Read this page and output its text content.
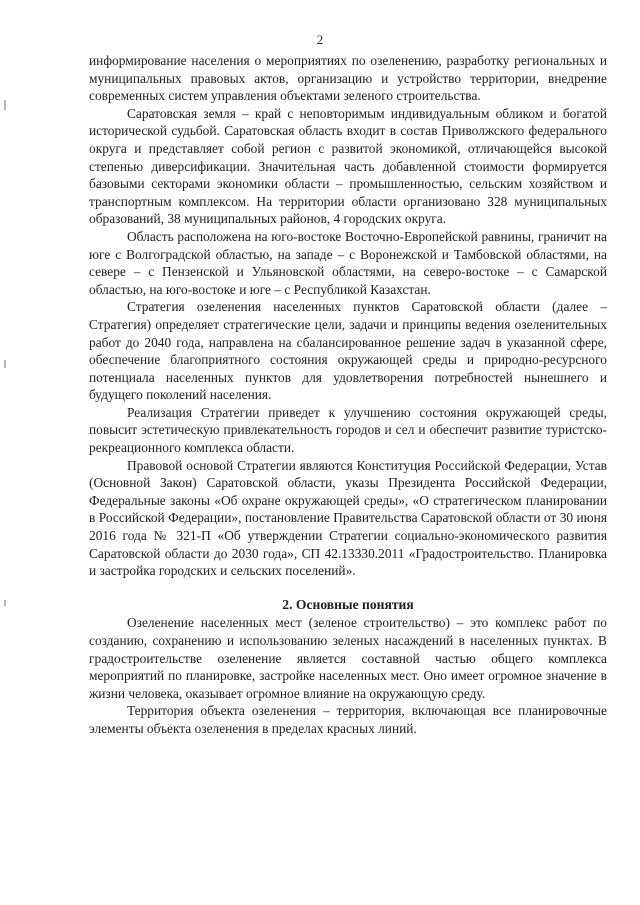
2

информирование населения о мероприятиях по озеленению, разработку региональных и муниципальных правовых актов, организацию и устройство территории, внедрение современных систем управления объектами зеленого строительства.

Саратовская земля – край с неповторимым индивидуальным обликом и богатой исторической судьбой. Саратовская область входит в состав Приволжского федерального округа и представляет собой регион с развитой экономикой, отличающейся высокой степенью диверсификации. Значительная часть добавленной стоимости формируется базовыми секторами экономики области – промышленностью, сельским хозяйством и транспортным комплексом. На территории области организовано 328 муниципальных образований, 38 муниципальных районов, 4 городских округа.

Область расположена на юго-востоке Восточно-Европейской равнины, граничит на юге с Волгоградской областью, на западе – с Воронежской и Тамбовской областями, на севере – с Пензенской и Ульяновской областями, на северо-востоке – с Самарской областью, на юго-востоке и юге – с Республикой Казахстан.

Стратегия озеленения населенных пунктов Саратовской области (далее – Стратегия) определяет стратегические цели, задачи и принципы ведения озеленительных работ до 2040 года, направлена на сбалансированное решение задач в указанной сфере, обеспечение благоприятного состояния окружающей среды и природно-ресурсного потенциала населенных пунктов для удовлетворения потребностей нынешнего и будущего поколений населения.

Реализация Стратегии приведет к улучшению состояния окружающей среды, повысит эстетическую привлекательность городов и сел и обеспечит развитие туристско-рекреационного комплекса области.

Правовой основой Стратегии являются Конституция Российской Федерации, Устав (Основной Закон) Саратовской области, указы Президента Российской Федерации, Федеральные законы «Об охране окружающей среды», «О стратегическом планировании в Российской Федерации», постановление Правительства Саратовской области от 30 июня 2016 года № 321-П «Об утверждении Стратегии социально-экономического развития Саратовской области до 2030 года», СП 42.13330.2011 «Градостроительство. Планировка и застройка городских и сельских поселений».

2. Основные понятия

Озеленение населенных мест (зеленое строительство) – это комплекс работ по созданию, сохранению и использованию зеленых насаждений в населенных пунктах. В градостроительстве озеленение является составной частью общего комплекса мероприятий по планировке, застройке населенных мест. Оно имеет огромное значение в жизни человека, оказывает огромное влияние на окружающую среду.

Территория объекта озеленения – территория, включающая все планировочные элементы объекта озеленения в пределах красных линий.
